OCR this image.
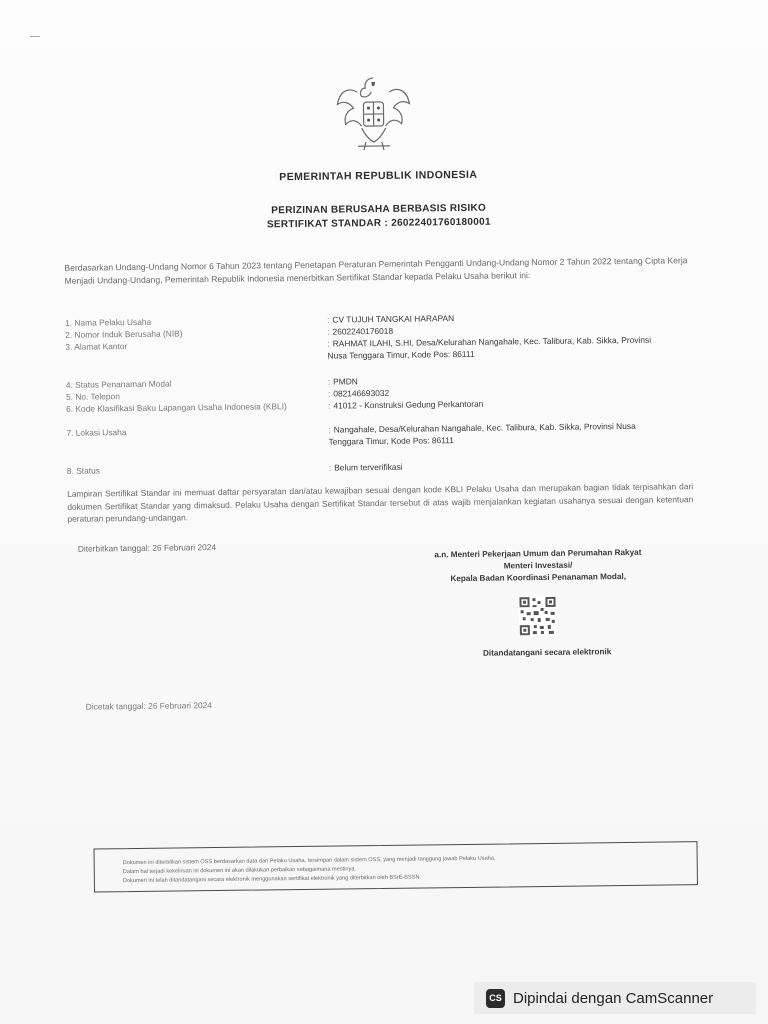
PEMERINTAH REPUBLIK INDONESIA
PERIZINAN BERUSAHA BERBASIS RISIKO
SERTIFIKAT STANDAR : 26022401760180001
Berdasarkan Undang-Undang Nomor 6 Tahun 2023 tentang Penetapan Peraturan Pemerintah Pengganti Undang-Undang Nomor 2 Tahun 2022 tentang Cipta Kerja Menjadi Undang-Undang, Pemerintah Republik Indonesia menerbitkan Sertifikat Standar kepada Pelaku Usaha berikut ini:
1. Nama Pelaku Usaha	: CV TUJUH TANGKAI HARAPAN
2. Nomor Induk Berusaha (NIB)	: 2602240176018
3. Alamat Kantor	: RAHMAT ILAHI, S.HI, Desa/Kelurahan Nangahale, Kec. Talibura, Kab. Sikka, Provinsi Nusa Tenggara Timur, Kode Pos: 86111
4. Status Penanaman Modal	: PMDN
5. No. Telepon	: 082146693032
6. Kode Klasifikasi Baku Lapangan Usaha Indonesia (KBLI)	: 41012 - Konstruksi Gedung Perkantoran
7. Lokasi Usaha	: Nangahale, Desa/Kelurahan Nangahale, Kec. Talibura, Kab. Sikka, Provinsi Nusa Tenggara Timur, Kode Pos: 86111
8. Status	: Belum terverifikasi
Lampiran Sertifikat Standar ini memuat daftar persyaratan dan/atau kewajiban sesuai dengan kode KBLI Pelaku Usaha dan merupakan bagian tidak terpisahkan dari dokumen Sertifikat Standar yang dimaksud. Pelaku Usaha dengan Sertifikat Standar tersebut di atas wajib menjalankan kegiatan usahanya sesuai dengan ketentuan peraturan perundang-undangan.
Diterbitkan tanggal: 26 Februari 2024	a.n. Menteri Pekerjaan Umum dan Perumahan Rakyat
Menteri Investasi/
Kepala Badan Koordinasi Penanaman Modal,
Ditandatangani secara elektronik
Dicetak tanggal: 26 Februari 2024
Dokumen ini diterbitkan sistem OSS berdasarkan data dari Pelaku Usaha, tersimpan dalam sistem OSS, yang menjadi tanggung jawab Pelaku Usaha.
Dalam hal terjadi kekeliruan isi dokumen ini akan dilakukan perbaikan sebagaimana mestinya.
Dokumen ini telah ditandatangani secara elektronik menggunakan sertifikat elektronik yang diterbitkan oleh BSrE-BSSN.
CS Dipindai dengan CamScanner
